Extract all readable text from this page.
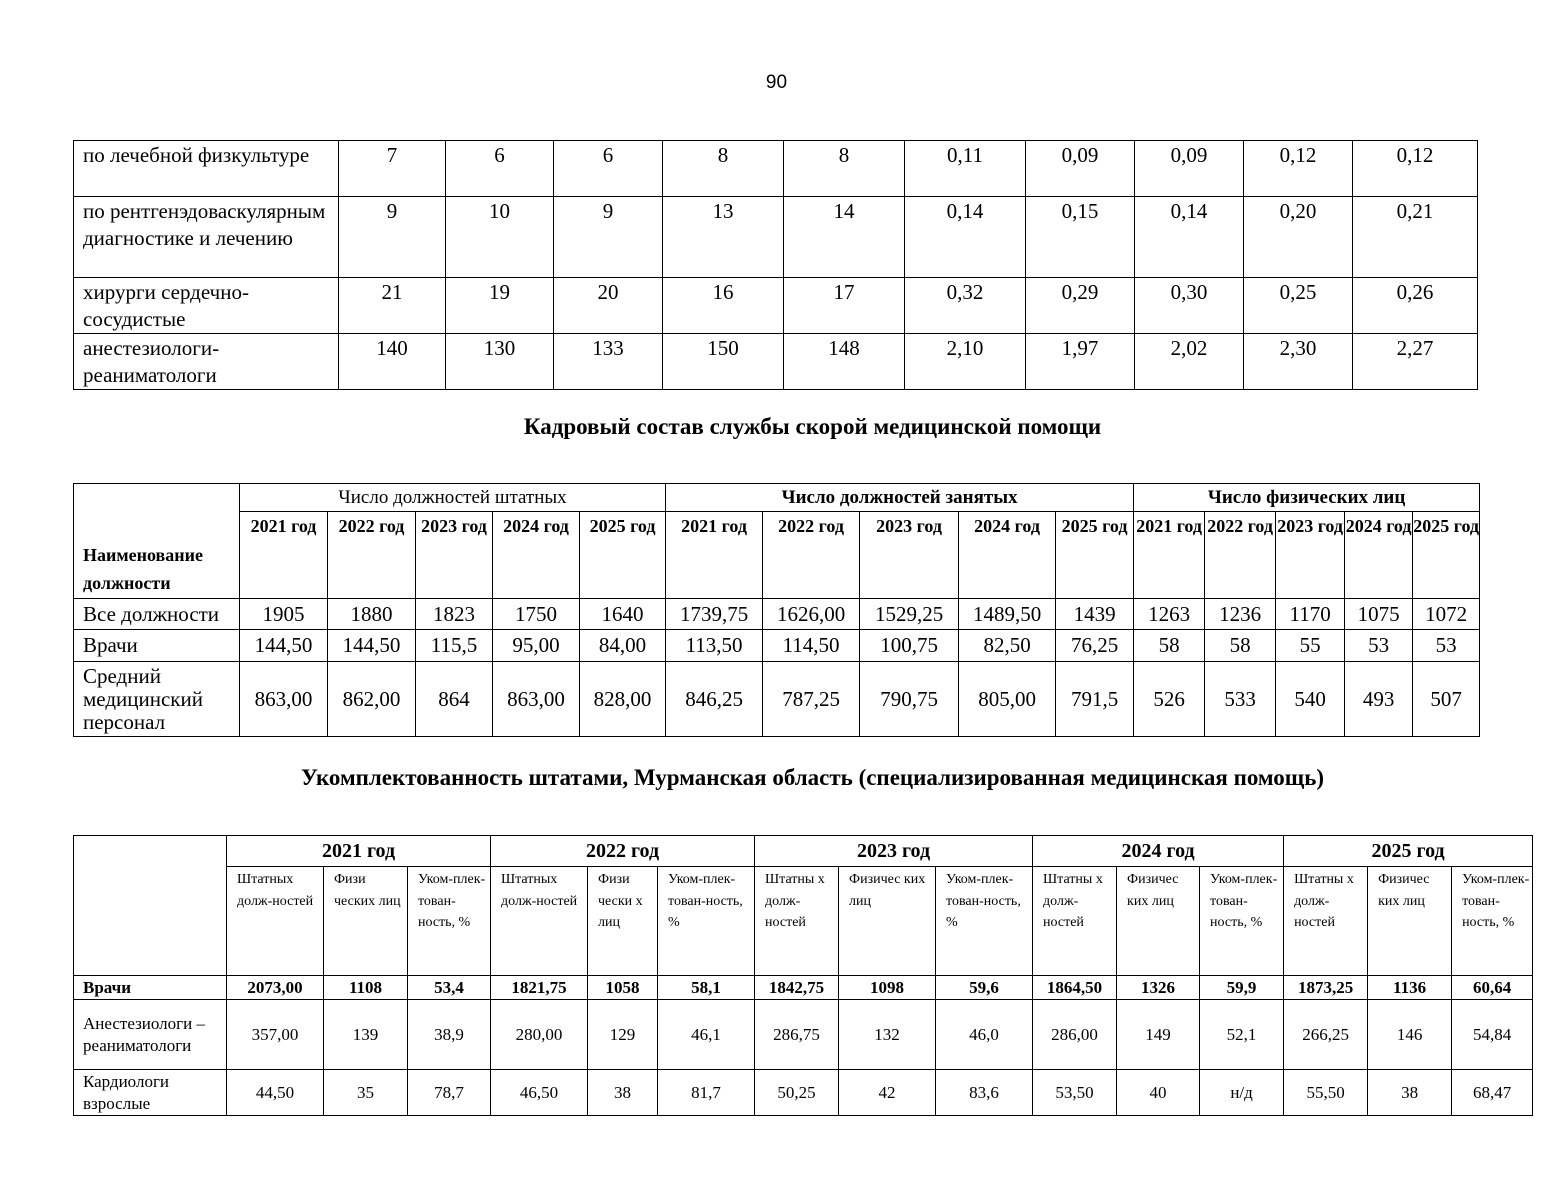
90
по лечебной физкультуре	7	6	6	8	8	0,11	0,09	0,09	0,12	0,12
по рентгенэдоваскулярным диагностике и лечению	9	10	9	13	14	0,14	0,15	0,14	0,20	0,21
хирурги сердечно-сосудистые	21	19	20	16	17	0,32	0,29	0,30	0,25	0,26
анестезиологи-реаниматологи	140	130	133	150	148	2,10	1,97	2,02	2,30	2,27
Кадровый состав службы скорой медицинской помощи
Наименование должности	Число должностей штатных					Число должностей занятых					Число физических лиц				
	2021 год	2022 год	2023 год	2024 год	2025 год	2021 год	2022 год	2023 год	2024 год	2025 год	2021 год	2022 год	2023 год	2024 год	2025 год
Все должности	1905	1880	1823	1750	1640	1739,75	1626,00	1529,25	1489,50	1439	1263	1236	1170	1075	1072
Врачи	144,50	144,50	115,5	95,00	84,00	113,50	114,50	100,75	82,50	76,25	58	58	55	53	53
Средний медицинский персонал	863,00	862,00	864	863,00	828,00	846,25	787,25	790,75	805,00	791,5	526	533	540	493	507
Укомплектованность штатами, Мурманская область (специализированная медицинская помощь)
	2021 год			2022 год			2023 год			2024 год			2025 год		
	Штатных долж-ностей	Физи ческих лиц	Уком-плек-тован-ность, %	Штатных долж-ностей	Физи чески х лиц	Уком-плек-тован-ность, %	Штатны х долж-ностей	Физичес ких лиц	Уком-плек-тован-ность, %	Штатны х долж-ностей	Физичес ких лиц	Уком-плек-тован-ность, %	Штатны х долж-ностей	Физичес ких лиц	Уком-плек-тован-ность, %
Врачи	2073,00	1108	53,4	1821,75	1058	58,1	1842,75	1098	59,6	1864,50	1326	59,9	1873,25	1136	60,64
Анестезиологи – реаниматологи	357,00	139	38,9	280,00	129	46,1	286,75	132	46,0	286,00	149	52,1	266,25	146	54,84
Кардиологи взрослые	44,50	35	78,7	46,50	38	81,7	50,25	42	83,6	53,50	40	н/д	55,50	38	68,47
